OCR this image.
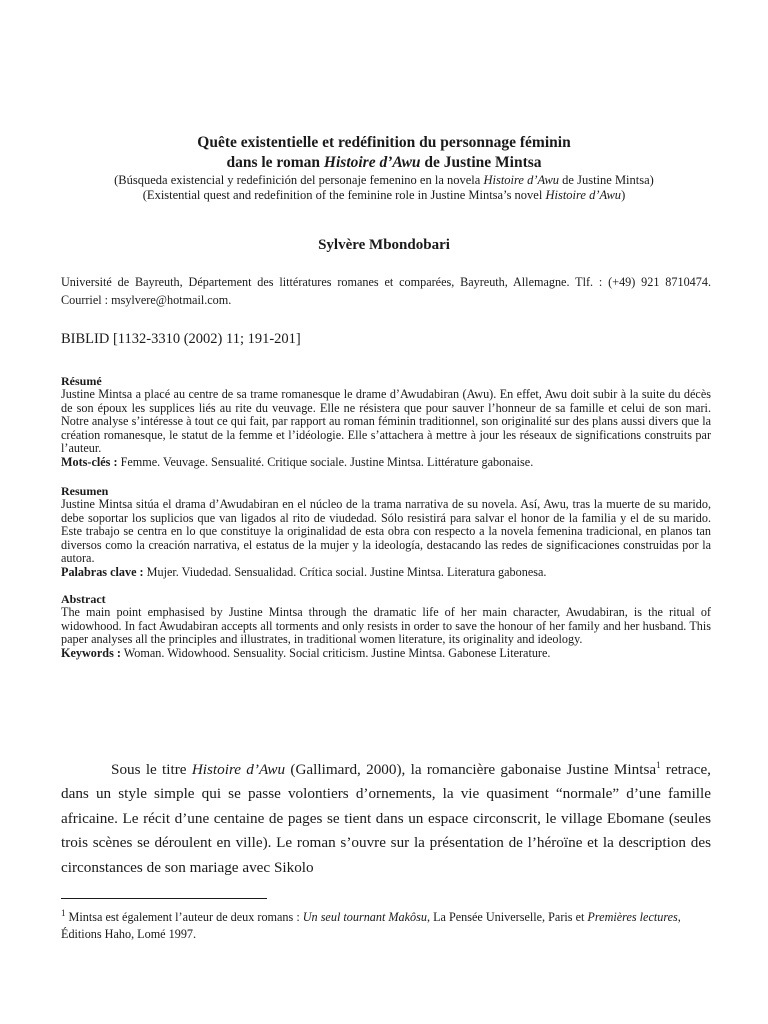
Quête existentielle et redéfinition du personnage féminin
dans le roman Histoire d’Awu de Justine Mintsa
(Búsqueda existencial y redefinición del personaje femenino en la novela Histoire d’Awu de Justine Mintsa)
(Existential quest and redefinition of the feminine role in Justine Mintsa’s novel Histoire d’Awu)
Sylvère Mbondobari
Université de Bayreuth, Département des littératures romanes et comparées, Bayreuth, Allemagne. Tlf. : (+49) 921 8710474. Courriel : msylvere@hotmail.com.
BIBLID [1132-3310 (2002) 11; 191-201]
Résumé
Justine Mintsa a placé au centre de sa trame romanesque le drame d’Awudabiran (Awu). En effet, Awu doit subir à la suite du décès de son époux les supplices liés au rite du veuvage. Elle ne résistera que pour sauver l’honneur de sa famille et celui de son mari. Notre analyse s’intéresse à tout ce qui fait, par rapport au roman féminin traditionnel, son originalité sur des plans aussi divers que la création romanesque, le statut de la femme et l’idéologie. Elle s’attachera à mettre à jour les réseaux de significations construits par l’auteur.
Mots-clés : Femme. Veuvage. Sensualité. Critique sociale. Justine Mintsa. Littérature gabonaise.
Resumen
Justine Mintsa sitúa el drama d’Awudabiran en el núcleo de la trama narrativa de su novela. Así, Awu, tras la muerte de su marido, debe soportar los suplicios que van ligados al rito de viudedad. Sólo resistirá para salvar el honor de la familia y el de su marido. Este trabajo se centra en lo que constituye la originalidad de esta obra con respecto a la novela femenina tradicional, en planos tan diversos como la creación narrativa, el estatus de la mujer y la ideología, destacando las redes de significaciones construidas por la autora.
Palabras clave : Mujer. Viudedad. Sensualidad. Crítica social. Justine Mintsa. Literatura gabonesa.
Abstract
The main point emphasised by Justine Mintsa through the dramatic life of her main character, Awudabiran, is the ritual of widowhood. In fact Awudabiran accepts all torments and only resists in order to save the honour of her family and her husband. This paper analyses all the principles and illustrates, in traditional women literature, its originality and ideology.
Keywords : Woman. Widowhood. Sensuality. Social criticism. Justine Mintsa. Gabonese Literature.
Sous le titre Histoire d’Awu (Gallimard, 2000), la romancière gabonaise Justine Mintsa$^1$ retrace, dans un style simple qui se passe volontiers d’ornements, la vie quasiment “normale” d’une famille africaine. Le récit d’une centaine de pages se tient dans un espace circonscrit, le village Ebomane (seules trois scènes se déroulent en ville). Le roman s’ouvre sur la présentation de l’héroïne et la description des circonstances de son mariage avec Sikolo
$^1$ Mintsa est également l’auteur de deux romans : Un seul tournant Makôsu, La Pensée Universelle, Paris et Premières lectures, Éditions Haho, Lomé 1997.
